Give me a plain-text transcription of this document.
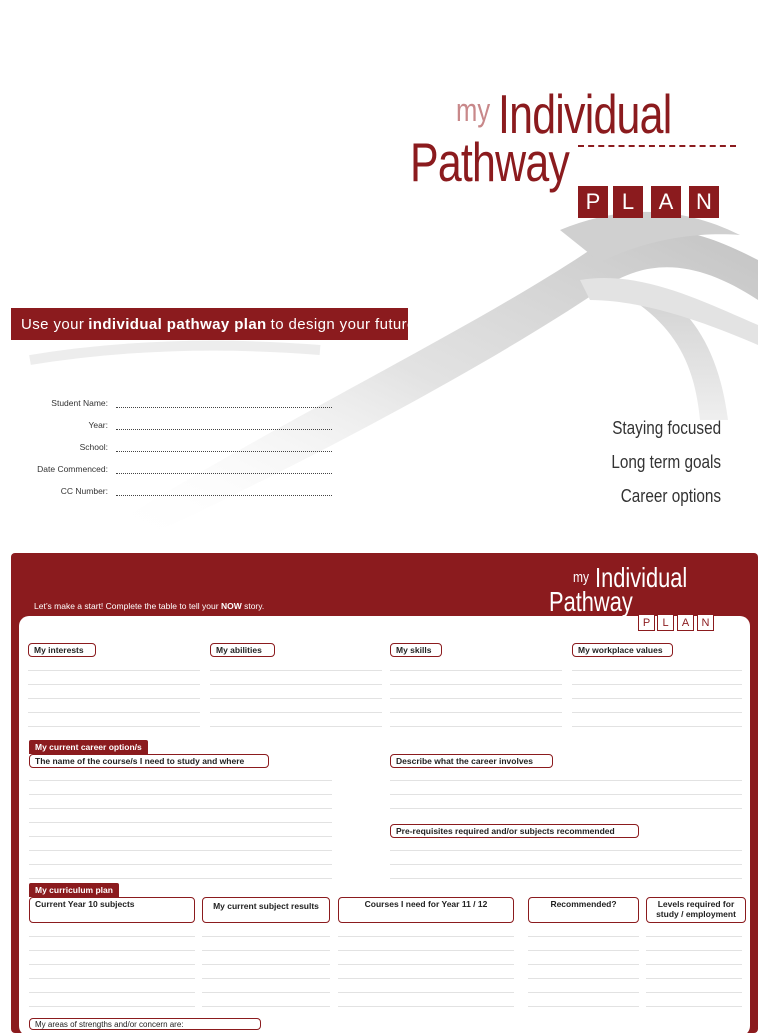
my Individual
Pathway
P L	A	N
Use your individual pathway plan to design your future
Student Name:
Year:
School:
Date Commenced:
CC Number:
Staying focused
Long term goals
Career options
Let’s make a start! Complete the table to tell your NOW story.
my Individual
Pathway
P	L	A	N
My interests	My abilities	My skills	My workplace values
My current career option/s
The name of the course/s I need to study and where	Describe what the career involves
Pre-requisites required and/or subjects recommended
My curriculum plan
Current Year 10 subjects	My current subject results	Courses I need for Year 11 / 12	Recommended?	Levels required for study / employment
My areas of strengths and/or concern are:
